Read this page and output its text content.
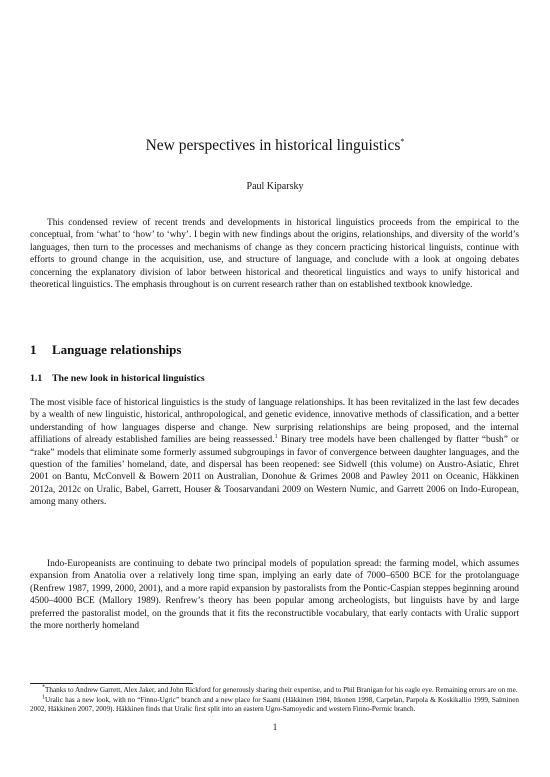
New perspectives in historical linguistics*
Paul Kiparsky

This condensed review of recent trends and developments in historical linguistics proceeds from the empirical to the conceptual, from ‘what’ to ‘how’ to ‘why’. I begin with new findings about the origins, relationships, and diversity of the world’s languages, then turn to the processes and mechanisms of change as they concern practicing historical linguists, continue with efforts to ground change in the acquisition, use, and structure of language, and conclude with a look at ongoing debates concerning the explanatory division of labor between historical and theoretical linguistics and ways to unify historical and theoretical linguistics. The emphasis throughout is on current research rather than on established textbook knowledge.

1 Language relationships
1.1 The new look in historical linguistics

The most visible face of historical linguistics is the study of language relationships. It has been revitalized in the last few decades by a wealth of new linguistic, historical, anthropological, and genetic evidence, innovative methods of classification, and a better understanding of how languages disperse and change. New surprising relationships are being proposed, and the internal affiliations of already established families are being reassessed.$^1$ Binary tree models have been challenged by flatter “bush” or “rake” models that eliminate some formerly assumed subgroupings in favor of convergence between daughter languages, and the question of the families’ homeland, date, and dispersal has been reopened: see Sidwell (this volume) on Austro-Asiatic, Ehret 2001 on Bantu, McConvell & Bowern 2011 on Australian, Donohue & Grimes 2008 and Pawley 2011 on Oceanic, Häkkinen 2012a, 2012c on Uralic, Babel, Garrett, Houser & Toosarvandani 2009 on Western Numic, and Garrett 2006 on Indo-European, among many others.

Indo-Europeanists are continuing to debate two principal models of population spread: the farming model, which assumes expansion from Anatolia over a relatively long time span, implying an early date of 7000–6500 BCE for the protolanguage (Renfrew 1987, 1999, 2000, 2001), and a more rapid expansion by pastoralists from the Pontic-Caspian steppes beginning around 4500–4000 BCE (Mallory 1989). Renfrew’s theory has been popular among archeologists, but linguists have by and large preferred the pastoralist model, on the grounds that it fits the reconstructible vocabulary, that early contacts with Uralic support the more northerly homeland

*Thanks to Andrew Garrett, Alex Jaker, and John Rickford for generously sharing their expertise, and to Phil Branigan for his eagle eye. Remaining errors are on me.

$^1$Uralic has a new look, with no “Finno-Ugric” branch and a new place for Saami (Häkkinen 1984, Itkonen 1998, Carpelan, Parpola & Koskikallio 1999, Salminen 2002, Häkkinen 2007, 2009). Häkkinen finds that Uralic first split into an eastern Ugro-Samoyedic and western Finno-Permic branch.

1
